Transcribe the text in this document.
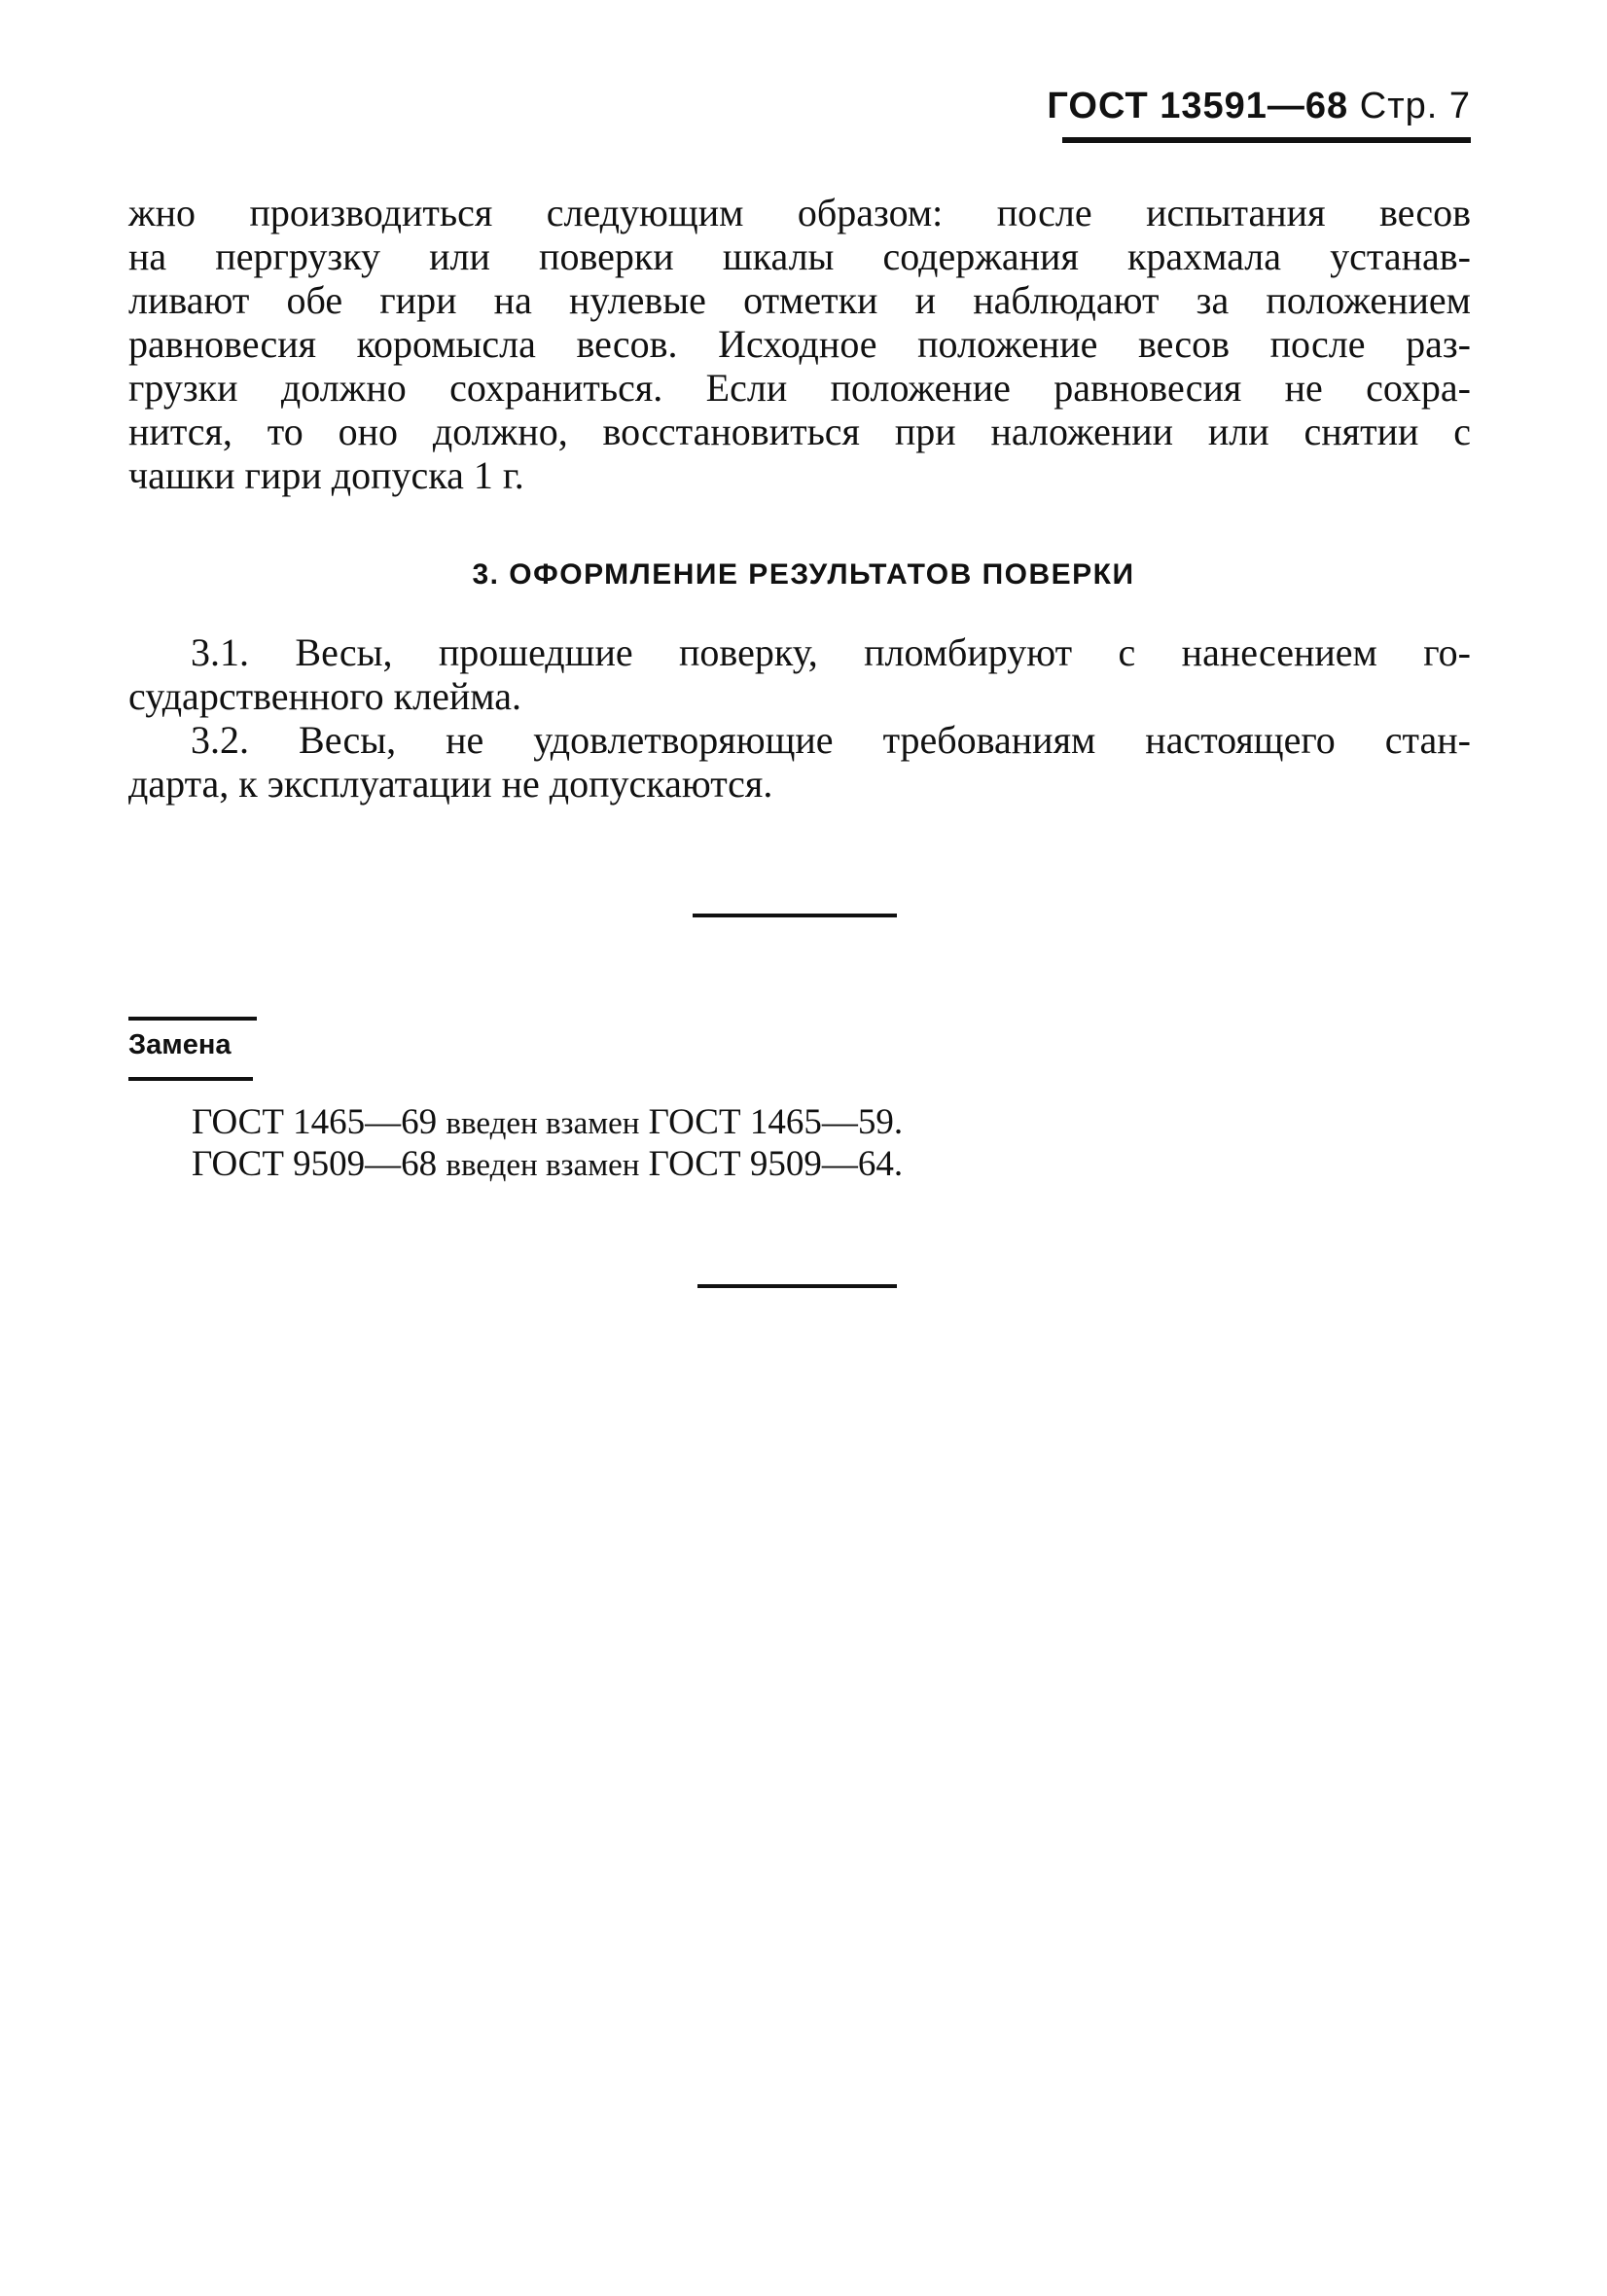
ГОСТ 13591—68 Стр. 7
жно производиться следующим образом: после испытания весов
на пергрузку или поверки шкалы содержания крахмала устанав-
ливают обе гири на нулевые отметки и наблюдают за положением
равновесия коромысла весов. Исходное положение весов после раз-
грузки должно сохраниться. Если положение равновесия не сохра-
нится, то оно должно, восстановиться при наложении или снятии с
чашки гири допуска 1 г.
3. ОФОРМЛЕНИЕ РЕЗУЛЬТАТОВ ПОВЕРКИ
3.1. Весы, прошедшие поверку, пломбируют с нанесением го-
сударственного клейма.
3.2. Весы, не удовлетворяющие требованиям настоящего стан-
дарта, к эксплуатации не допускаются.
Замена
ГОСТ 1465—69 введен взамен ГОСТ 1465—59.
ГОСТ 9509—68 введен взамен ГОСТ 9509—64.
